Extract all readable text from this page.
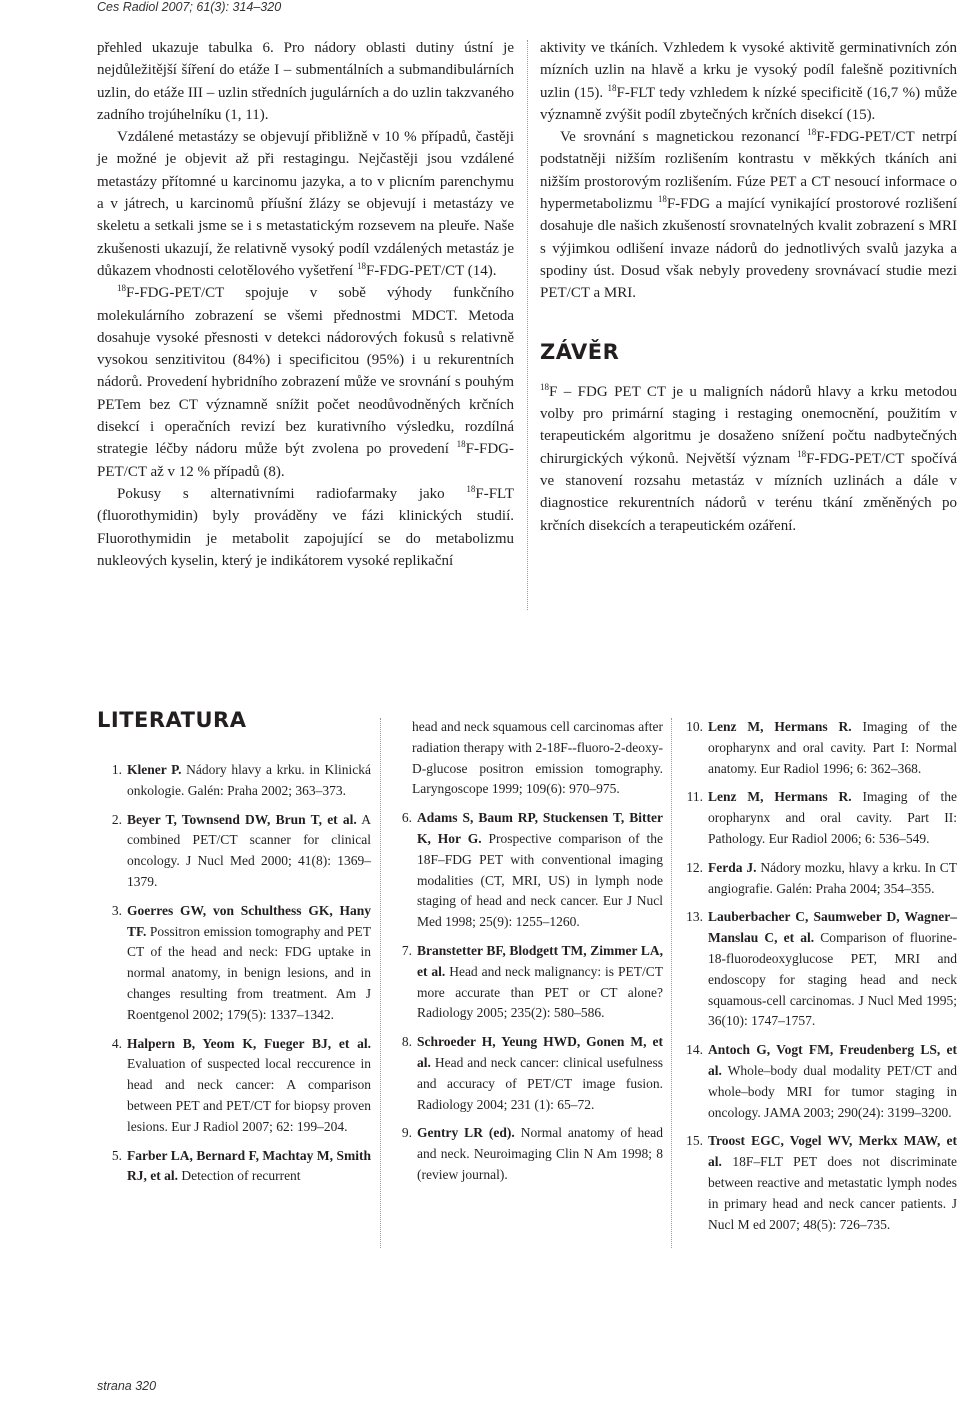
Ces Radiol 2007; 61(3): 314–320

přehled ukazuje tabulka 6. Pro nádory oblasti dutiny ústní je nejdůležitější šíření do etáže I – submentálních a submandibulárních uzlin, do etáže III – uzlin středních jugulárních a do uzlin takzvaného zadního trojúhelníku (1, 11).

Vzdálené metastázy se objevují přibližně v 10 % případů, častěji je možné je objevit až při restagingu. Nejčastěji jsou vzdálené metastázy přítomné u karcinomu jazyka, a to v plicním parenchymu a v játrech, u karcinomů příušní žlázy se objevují i metastázy ve skeletu a setkali jsme se i s metastatickým rozsevem na pleuře. Naše zkušenosti ukazují, že relativně vysoký podíl vzdálených metastáz je důkazem vhodnosti celotělového vyšetření $^{18}$F-FDG-PET/CT (14).

$^{18}$F-FDG-PET/CT spojuje v sobě výhody funkčního molekulárního zobrazení se všemi přednostmi MDCT. Metoda dosahuje vysoké přesnosti v detekci nádorových fokusů s relativně vysokou senzitivitou (84%) i specificitou (95%) i u rekurentních nádorů. Provedení hybridního zobrazení může ve srovnání s pouhým PETem bez CT významně snížit počet neodůvodněných krčních disekcí i operačních revizí bez kurativního výsledku, rozdílná strategie léčby nádoru může být zvolena po provedení $^{18}$F-FDG-PET/CT až v 12 % případů (8).

Pokusy s alternativními radiofarmaky jako $^{18}$F-FLT (fluorothymidin) byly prováděny ve fázi klinických studií. Fluorothymidin je metabolit zapojující se do metabolizmu nukleových kyselin, který je indikátorem vysoké replikační

aktivity ve tkáních. Vzhledem k vysoké aktivitě germinativních zón mízních uzlin na hlavě a krku je vysoký podíl falešně pozitivních uzlin (15). $^{18}$F-FLT tedy vzhledem k nízké specificitě (16,7 %) může významně zvýšit podíl zbytečných krčních disekcí (15).

Ve srovnání s magnetickou rezonancí $^{18}$F-FDG-PET/CT netrpí podstatněji nižším rozlišením kontrastu v měkkých tkáních ani nižším prostorovým rozlišením. Fúze PET a CT nesoucí informace o hypermetabolizmu $^{18}$F-FDG a mající vynikající prostorové rozlišení dosahuje dle našich zkušeností srovnatelných kvalit zobrazení s MRI s výjimkou odlišení invaze nádorů do jednotlivých svalů jazyka a spodiny úst. Dosud však nebyly provedeny srovnávací studie mezi PET/CT a MRI.

ZÁVĚR

$^{18}$F – FDG PET CT je u maligních nádorů hlavy a krku metodou volby pro primární staging i restaging onemocnění, použitím v terapeutickém algoritmu je dosaženo snížení počtu nadbytečných chirurgických výkonů. Největší význam $^{18}$F-FDG-PET/CT spočívá ve stanovení rozsahu metastáz v mízních uzlinách a dále v diagnostice rekurentních nádorů v terénu tkání změněných po krčních disekcích a terapeutickém ozáření.

LITERATURA
1. Klener P. Nádory hlavy a krku. in Klinická onkologie. Galén: Praha 2002; 363–373.
2. Beyer T, Townsend DW, Brun T, et al. A combined PET/CT scanner for clinical oncology. J Nucl Med 2000; 41(8): 1369–1379.
3. Goerres GW, von Schulthess GK, Hany TF. Possitron emission tomography and PET CT of the head and neck: FDG uptake in normal anatomy, in benign lesions, and in changes resulting from treatment. Am J Roentgenol 2002; 179(5): 1337–1342.
4. Halpern B, Yeom K, Fueger BJ, et al. Evaluation of suspected local reccurence in head and neck cancer: A comparison between PET and PET/CT for biopsy proven lesions. Eur J Radiol 2007; 62: 199–204.
5. Farber LA, Bernard F, Machtay M, Smith RJ, et al. Detection of recurrent
head and neck squamous cell carcinomas after radiation therapy with 2-18F--fluoro-2-deoxy-D-glucose positron emission tomography. Laryngoscope 1999; 109(6): 970–975.
6. Adams S, Baum RP, Stuckensen T, Bitter K, Hor G. Prospective comparison of the 18F–FDG PET with conventional imaging modalities (CT, MRI, US) in lymph node staging of head and neck cancer. Eur J Nucl Med 1998; 25(9): 1255–1260.
7. Branstetter BF, Blodgett TM, Zimmer LA, et al. Head and neck malignancy: is PET/CT more accurate than PET or CT alone? Radiology 2005; 235(2): 580–586.
8. Schroeder H, Yeung HWD, Gonen M, et al. Head and neck cancer: clinical usefulness and accuracy of PET/CT image fusion. Radiology 2004; 231 (1): 65–72.
9. Gentry LR (ed). Normal anatomy of head and neck. Neuroimaging Clin N Am 1998; 8 (review journal).
10. Lenz M, Hermans R. Imaging of the oropharynx and oral cavity. Part I: Normal anatomy. Eur Radiol 1996; 6: 362–368.
11. Lenz M, Hermans R. Imaging of the oropharynx and oral cavity. Part II: Pathology. Eur Radiol 2006; 6: 536–549.
12. Ferda J. Nádory mozku, hlavy a krku. In CT angiografie. Galén: Praha 2004; 354–355.
13. Lauberbacher C, Saumweber D, Wagner–Manslau C, et al. Comparison of fluorine-18-fluorodeoxyglucose PET, MRI and endoscopy for staging head and neck squamous-cell carcinomas. J Nucl Med 1995; 36(10): 1747–1757.
14. Antoch G, Vogt FM, Freudenberg LS, et al. Whole–body dual modality PET/CT and whole–body MRI for tumor staging in oncology. JAMA 2003; 290(24): 3199–3200.
15. Troost EGC, Vogel WV, Merkx MAW, et al. 18F–FLT PET does not discriminate between reactive and metastatic lymph nodes in primary head and neck cancer patients. J Nucl M ed 2007; 48(5): 726–735.
strana 320
